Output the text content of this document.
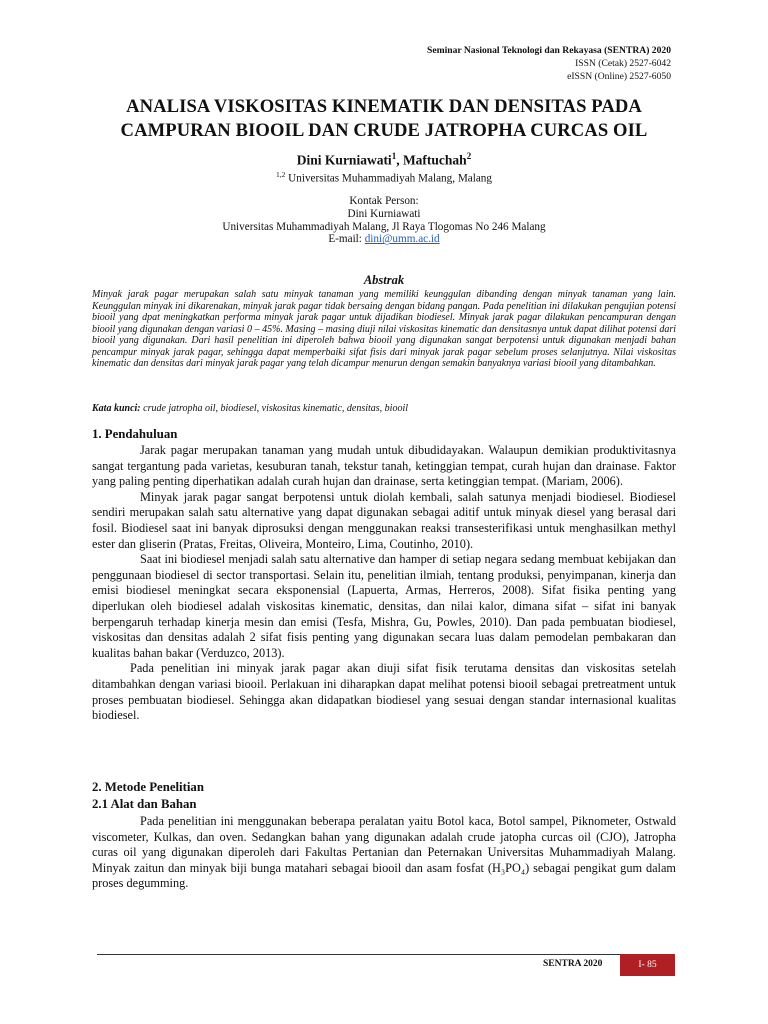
Seminar Nasional Teknologi dan Rekayasa (SENTRA) 2020
ISSN (Cetak) 2527-6042
eISSN (Online) 2527-6050
ANALISA VISKOSITAS KINEMATIK DAN DENSITAS PADA
CAMPURAN BIOOIL DAN CRUDE JATROPHA CURCAS OIL
Dini Kurniawati$^1$, Maftuchah$^2$
$^{1,2}$ Universitas Muhammadiyah Malang, Malang
Kontak Person:
Dini Kurniawati
Universitas Muhammadiyah Malang, Jl Raya Tlogomas No 246 Malang
E-mail: dini@umm.ac.id
Abstrak
Minyak jarak pagar merupakan salah satu minyak tanaman yang memiliki keunggulan dibanding dengan minyak tanaman yang lain. Keunggulan minyak ini dikarenakan, minyak jarak pagar tidak bersaing dengan bidang pangan. Pada penelitian ini dilakukan pengujian potensi biooil yang dpat meningkatkan performa minyak jarak pagar untuk dijadikan biodiesel. Minyak jarak pagar dilakukan pencampuran dengan biooil yang digunakan dengan variasi 0 – 45%. Masing – masing diuji nilai viskositas kinematic dan densitasnya untuk dapat dilihat potensi dari biooil yang digunakan. Dari hasil penelitian ini diperoleh bahwa biooil yang digunakan sangat berpotensi untuk digunakan menjadi bahan pencampur minyak jarak pagar, sehingga dapat memperbaiki sifat fisis dari minyak jarak pagar sebelum proses selanjutnya. Nilai viskositas kinematic dan densitas dari minyak jarak pagar yang telah dicampur menurun dengan semakin banyaknya variasi biooil yang ditambahkan.
Kata kunci: crude jatropha oil, biodiesel, viskositas kinematic, densitas, biooil
1. Pendahuluan

Jarak pagar merupakan tanaman yang mudah untuk dibudidayakan. Walaupun demikian produktivitasnya sangat tergantung pada varietas, kesuburan tanah, tekstur tanah, ketinggian tempat, curah hujan dan drainase. Faktor yang paling penting diperhatikan adalah curah hujan dan drainase, serta ketinggian tempat. (Mariam, 2006).

Minyak jarak pagar sangat berpotensi untuk diolah kembali, salah satunya menjadi biodiesel. Biodiesel sendiri merupakan salah satu alternative yang dapat digunakan sebagai aditif untuk minyak diesel yang berasal dari fosil. Biodiesel saat ini banyak diprosuksi dengan menggunakan reaksi transesterifikasi untuk menghasilkan methyl ester dan gliserin (Pratas, Freitas, Oliveira, Monteiro, Lima, Coutinho, 2010).

Saat ini biodiesel menjadi salah satu alternative dan hamper di setiap negara sedang membuat kebijakan dan penggunaan biodiesel di sector transportasi. Selain itu, penelitian ilmiah, tentang produksi, penyimpanan, kinerja dan emisi biodiesel meningkat secara eksponensial (Lapuerta, Armas, Herreros, 2008). Sifat fisika penting yang diperlukan oleh biodiesel adalah viskositas kinematic, densitas, dan nilai kalor, dimana sifat – sifat ini banyak berpengaruh terhadap kinerja mesin dan emisi (Tesfa, Mishra, Gu, Powles, 2010). Dan pada pembuatan biodiesel, viskositas dan densitas adalah 2 sifat fisis penting yang digunakan secara luas dalam pemodelan pembakaran dan kualitas bahan bakar (Verduzco, 2013).

Pada penelitian ini minyak jarak pagar akan diuji sifat fisik terutama densitas dan viskositas setelah ditambahkan dengan variasi biooil. Perlakuan ini diharapkan dapat melihat potensi biooil sebagai pretreatment untuk proses pembuatan biodiesel. Sehingga akan didapatkan biodiesel yang sesuai dengan standar internasional kualitas biodiesel.

2. Metode Penelitian
2.1 Alat dan Bahan

Pada penelitian ini menggunakan beberapa peralatan yaitu Botol kaca, Botol sampel, Piknometer, Ostwald viscometer, Kulkas, dan oven. Sedangkan bahan yang digunakan adalah crude jatopha curcas oil (CJO), Jatropha curas oil yang digunakan diperoleh dari Fakultas Pertanian dan Peternakan Universitas Muhammadiyah Malang. Minyak zaitun dan minyak biji bunga matahari sebagai biooil dan asam fosfat (H₃PO₄) sebagai pengikat gum dalam proses degumming.

SENTRA 2020	I- 85
